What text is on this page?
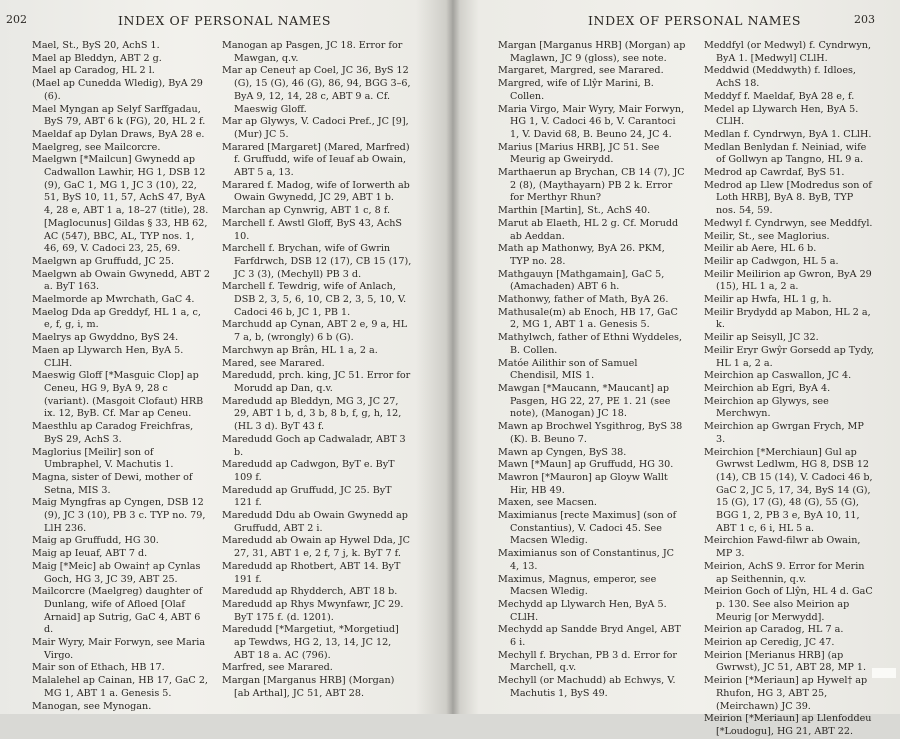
202	INDEX OF PERSONAL NAMES

Mael, St., ByS 20, AchS 1.

Mael ap Bleddyn, ABT 2 g.

Mael ap Caradog, HL 2 l.

(Mael ap Cunedda Wledig), ByA 29 (6).

Mael Myngan ap Selyf Sarffgadau, ByS 79, ABT 6 k (FG), 20, HL 2 f.

Maeldaf ap Dylan Draws, ByA 28 e.

Maelgreg, see Mailcorcre.

Maelgwn [*Mailcun] Gwynedd ap Cadwallon Lawhir, HG 1, DSB 12 (9), GaC 1, MG 1, JC 3 (10), 22, 51, ByS 10, 11, 57, AchS 47, ByA 4, 28 e, ABT 1 a, 18–27 (title), 28. [Maglocunus] Gildas § 33, HB 62, AC (547), BBC, AL, TYP nos. 1, 46, 69, V. Cadoci 23, 25, 69.

Maelgwn ap Gruffudd, JC 25.

Maelgwn ab Owain Gwynedd, ABT 2 a. ByT 163.

Maelmorde ap Mwrchath, GaC 4.

Maelog Dda ap Greddyf, HL 1 a, c, e, f, g, i, m.

Maelrys ap Gwyddno, ByS 24.

Maen ap Llywarch Hen, ByA 5. CLlH.

Maeswig Gloff [*Masguic Clop] ap Ceneu, HG 9, ByA 9, 28 c (variant). (Masgoit Clofaut) HRB ix. 12, ByB. Cf. Mar ap Ceneu.

Maesthlu ap Caradog Freichfras, ByS 29, AchS 3.

Maglorius [Meilir] son of Umbraphel, V. Machutis 1.

Magna, sister of Dewi, mother of Setna, MIS 3.

Maig Myngfras ap Cyngen, DSB 12 (9), JC 3 (10), PB 3 c. TYP no. 79, LlH 236.

Maig ap Gruffudd, HG 30.

Maig ap Ieuaf, ABT 7 d.

Maig [*Meic] ab Owain† ap Cynlas Goch, HG 3, JC 39, ABT 25.

Mailcorcre (Maelgreg) daughter of Dunlang, wife of Afloed [Olaf Arnaid] ap Sutrig, GaC 4, ABT 6 d.

Mair Wyry, Mair Forwyn, see Maria Virgo.

Mair son of Ethach, HB 17.

Malalehel ap Cainan, HB 17, GaC 2, MG 1, ABT 1 a. Genesis 5.

Manogan, see Mynogan.

Manogan ap Pasgen, JC 18. Error for Mawgan, q.v.

Mar ap Ceneu† ap Coel, JC 36, ByS 12 (G), 15 (G), 46 (G), 86, 94, BGG 3–6, ByA 9, 12, 14, 28 c, ABT 9 a. Cf. Maeswig Gloff.

Mar ap Glywys, V. Cadoci Pref., JC [9], (Mur) JC 5.

Marared [Margaret] (Mared, Marfred) f. Gruffudd, wife of Ieuaf ab Owain, ABT 5 a, 13.

Marared f. Madog, wife of Iorwerth ab Owain Gwynedd, JC 29, ABT 1 b.

Marchan ap Cynwrig, ABT 1 c, 8 f.

Marchell f. Awstl Gloff, ByS 43, AchS 10.

Marchell f. Brychan, wife of Gwrin Farfdrwch, DSB 12 (17), CB 15 (17), JC 3 (3), (Mechyll) PB 3 d.

Marchell f. Tewdrig, wife of Anlach, DSB 2, 3, 5, 6, 10, CB 2, 3, 5, 10, V. Cadoci 46 b, JC 1, PB 1.

Marchudd ap Cynan, ABT 2 e, 9 a, HL 7 a, b, (wrongly) 6 b (G).

Marchwyn ap Brân, HL 1 a, 2 a.

Mared, see Marared.

Maredudd, prch. king, JC 51. Error for Morudd ap Dan, q.v.

Maredudd ap Bleddyn, MG 3, JC 27, 29, ABT 1 b, d, 3 b, 8 b, f, g, h, 12, (HL 3 d). ByT 43 f.

Maredudd Goch ap Cadwaladr, ABT 3 b.

Maredudd ap Cadwgon, ByT e. ByT 109 f.

Maredudd ap Gruffudd, JC 25. ByT 121 f.

Maredudd Ddu ab Owain Gwynedd ap Gruffudd, ABT 2 i.

Maredudd ab Owain ap Hywel Dda, JC 27, 31, ABT 1 e, 2 f, 7 j, k. ByT 7 f.

Maredudd ap Rhotbert, ABT 14. ByT 191 f.

Maredudd ap Rhydderch, ABT 18 b.

Maredudd ap Rhys Mwynfawr, JC 29. ByT 175 f. (d. 1201).

Maredudd [*Margetiut, *Morgetiud] ap Tewdws, HG 2, 13, 14, JC 12, ABT 18 a. AC (796).

Marfred, see Marared.

Margan [Marganus HRB] (Morgan) [ab Arthal], JC 51, ABT 28.

INDEX OF PERSONAL NAMES	203

Margan [Marganus HRB] (Morgan) ap Maglawn, JC 9 (gloss), see note.

Margaret, Margred, see Marared.

Margred, wife of Llŷr Marini, B. Collen.

Maria Virgo, Mair Wyry, Mair Forwyn, HG 1, V. Cadoci 46 b, V. Carantoci 1, V. David 68, B. Beuno 24, JC 4.

Marius [Marius HRB], JC 51. See Meurig ap Gweirydd.

Marthaerun ap Brychan, CB 14 (7), JC 2 (8), (Maythayarn) PB 2 k. Error for Merthyr Rhun?

Marthin [Martin], St., AchS 40.

Marut ab Elaeth, HL 2 g. Cf. Morudd ab Aeddan.

Math ap Mathonwy, ByA 26. PKM, TYP no. 28.

Mathgauyn [Mathgamain], GaC 5, (Amachaden) ABT 6 h.

Mathonwy, father of Math, ByA 26.

Mathusale(m) ab Enoch, HB 17, GaC 2, MG 1, ABT 1 a. Genesis 5.

Mathylwch, father of Ethni Wyddeles, B. Collen.

Matóe Ailithir son of Samuel Chendisil, MIS 1.

Mawgan [*Maucann, *Maucant] ap Pasgen, HG 22, 27, PE 1. 21 (see note), (Manogan) JC 18.

Mawn ap Brochwel Ysgithrog, ByS 38 (K). B. Beuno 7.

Mawn ap Cyngen, ByS 38.

Mawn [*Maun] ap Gruffudd, HG 30.

Mawron [*Mauron] ap Gloyw Wallt Hir, HB 49.

Maxen, see Macsen.

Maximianus [recte Maximus] (son of Constantius), V. Cadoci 45. See Macsen Wledig.

Maximianus son of Constantinus, JC 4, 13.

Maximus, Magnus, emperor, see Macsen Wledig.

Mechydd ap Llywarch Hen, ByA 5. CLlH.

Mechydd ap Sandde Bryd Angel, ABT 6 i.

Mechyll f. Brychan, PB 3 d. Error for Marchell, q.v.

Mechyll (or Machudd) ab Echwys, V. Machutis 1, ByS 49.

Meddfyl (or Medwyl) f. Cyndrwyn, ByA 1. [Medwyl] CLlH.

Meddwid (Meddwyth) f. Idloes, AchS 18.

Meddyf f. Maeldaf, ByA 28 e, f.

Medel ap Llywarch Hen, ByA 5. CLlH.

Medlan f. Cyndrwyn, ByA 1. CLlH.

Medlan Benlydan f. Neiniad, wife of Gollwyn ap Tangno, HL 9 a.

Medrod ap Cawrdaf, ByS 51.

Medrod ap Llew [Modredus son of Loth HRB], ByA 8. ByB, TYP nos. 54, 59.

Medwyl f. Cyndrwyn, see Meddfyl.

Meilir, St., see Maglorius.

Meilir ab Aere, HL 6 b.

Meilir ap Cadwgon, HL 5 a.

Meilir Meilirion ap Gwron, ByA 29 (15), HL 1 a, 2 a.

Meilir ap Hwfa, HL 1 g, h.

Meilir Brydydd ap Mabon, HL 2 a, k.

Meilir ap Seisyll, JC 32.

Meilir Eryr Gwŷr Gorsedd ap Tydy, HL 1 a, 2 a.

Meirchion ap Caswallon, JC 4.

Meirchion ab Egri, ByA 4.

Meirchion ap Glywys, see Merchwyn.

Meirchion ap Gwrgan Frych, MP 3.

Meirchion [*Merchiaun] Gul ap Gwrwst Ledlwm, HG 8, DSB 12 (14), CB 15 (14), V. Cadoci 46 b, GaC 2, JC 5, 17, 34, ByS 14 (G), 15 (G), 17 (G), 48 (G), 55 (G), BGG 1, 2, PB 3 e, ByA 10, 11, ABT 1 c, 6 i, HL 5 a.

Meirchion Fawd-filwr ab Owain, MP 3.

Meirion, AchS 9. Error for Merin ap Seithennin, q.v.

Meirion Goch of Llŷn, HL 4 d. GaC p. 130. See also Meirion ap Meurig [or Merwydd].

Meirion ap Caradog, HL 7 a.

Meirion ap Ceredig, JC 47.

Meirion [Merianus HRB] (ap Gwrwst), JC 51, ABT 28, MP 1.

Meirion [*Meriaun] ap Hywel† ap Rhufon, HG 3, ABT 25, (Meirchawn) JC 39.

Meirion [*Meriaun] ap Llenfoddeu [*Loudogu], HG 21, ABT 22.
